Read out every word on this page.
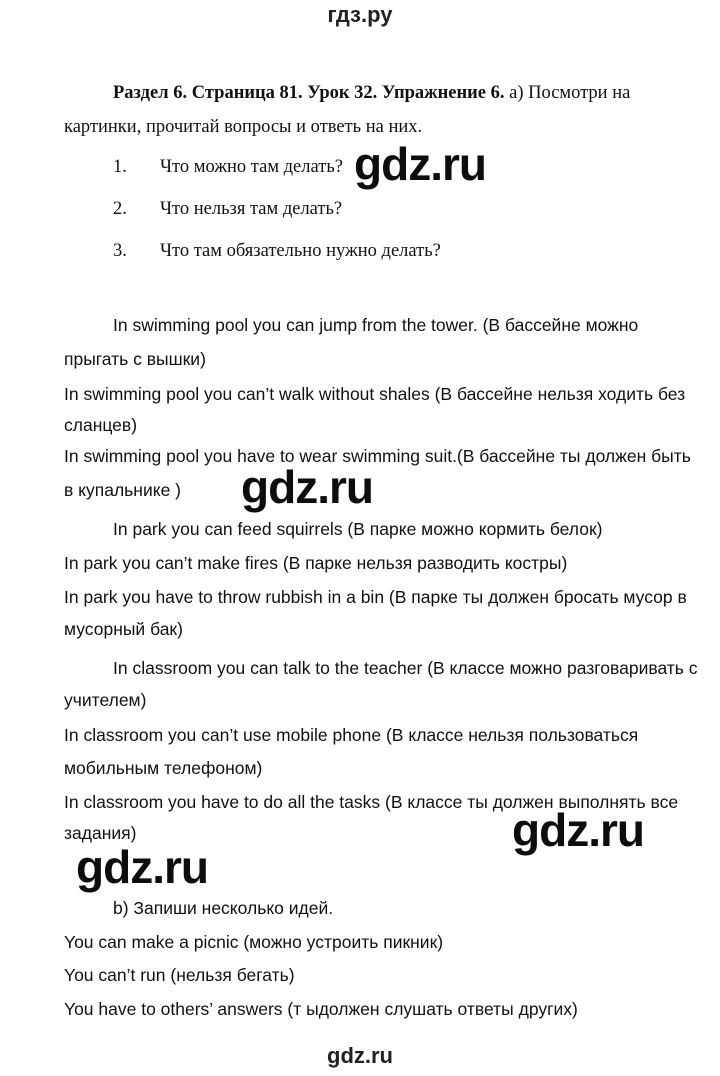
гдз.ру
Раздел 6. Страница 81. Урок 32. Упражнение 6. а) Посмотри на
картинки, прочитай вопросы и ответь на них.
1. Что можно там делать?
2. Что нельзя там делать?
3. Что там обязательно нужно делать?
In swimming pool you can jump from the tower. (В бассейне можно
прыгать с вышки)
In swimming pool you can’t walk without shales (В бассейне нельзя ходить без
сланцев)
In swimming pool you have to wear swimming suit.(В бассейне ты должен быть
в купальнике )
In park you can feed squirrels (В парке можно кормить белок)
In park you can’t make fires (В парке нельзя разводить костры)
In park you have to throw rubbish in a bin (В парке ты должен бросать мусор в
мусорный бак)
In classroom you can talk to the teacher (В классе можно разговаривать с
учителем)
In classroom you can’t use mobile phone (В классе нельзя пользоваться
мобильным телефоном)
In classroom you have to do all the tasks (В классе ты должен выполнять все
задания)
b) Запиши несколько идей.
You can make a picnic (можно устроить пикник)
You can’t run (нельзя бегать)
You have to others’ answers (т ыдолжен слушать ответы других)
gdz.ru
gdz.ru
gdz.ru
gdz.ru
gdz.ru
